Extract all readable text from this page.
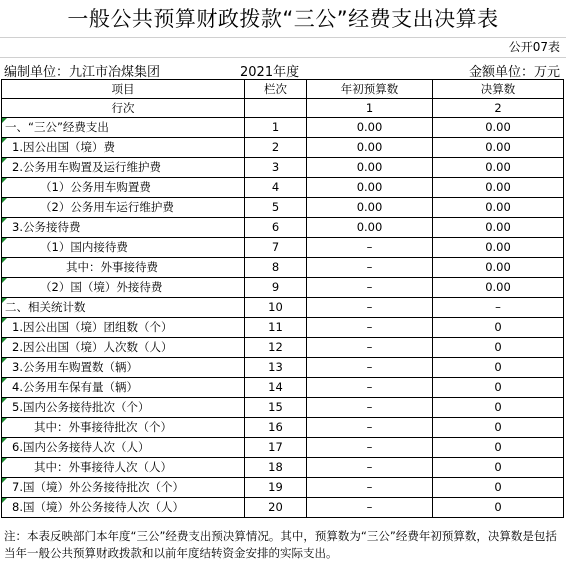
一般公共预算财政拨款“三公”经费支出决算表
公开07表
编制单位：九江市冶煤集团	2021年度	金额单位：万元
项目	栏次	年初预算数	决算数
行次		1	2
一、“三公”经费支出	1	0.00	0.00
1.因公出国（境）费	2	0.00	0.00
2.公务用车购置及运行维护费	3	0.00	0.00
（1）公务用车购置费	4	0.00	0.00
（2）公务用车运行维护费	5	0.00	0.00
3.公务接待费	6	0.00	0.00
（1）国内接待费	7	–	0.00
其中：外事接待费	8	–	0.00
（2）国（境）外接待费	9	–	0.00
二、相关统计数	10	–	–
1.因公出国（境）团组数（个）	11	–	0
2.因公出国（境）人次数（人）	12	–	0
3.公务用车购置数（辆）	13	–	0
4.公务用车保有量（辆）	14	–	0
5.国内公务接待批次（个）	15	–	0
其中：外事接待批次（个）	16	–	0
6.国内公务接待人次（人）	17	–	0
其中：外事接待人次（人）	18	–	0
7.国（境）外公务接待批次（个）	19	–	0
8.国（境）外公务接待人次（人）	20	–	0
注：本表反映部门本年度“三公”经费支出预决算情况。其中，预算数为“三公”经费年初预算数，决算数是包括当年一般公共预算财政拨款和以前年度结转资金安排的实际支出。
